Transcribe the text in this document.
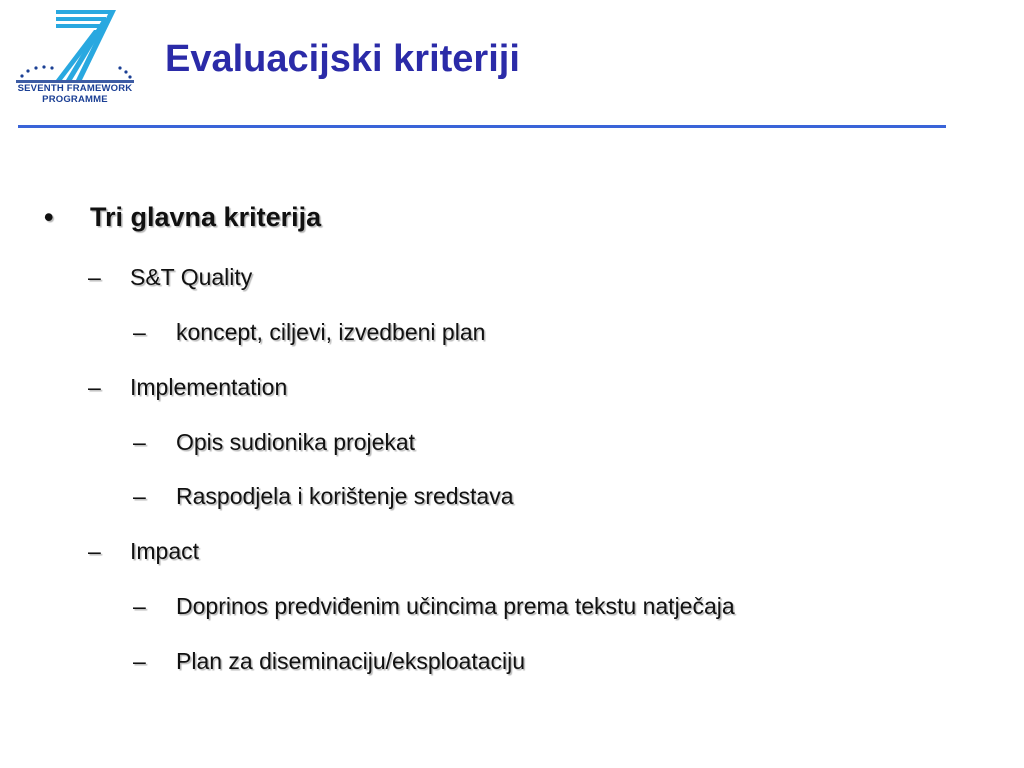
SEVENTH FRAMEWORK
PROGRAMME
Evaluacijski kriteriji
• Tri glavna kriterija
– S&T Quality
– koncept, ciljevi, izvedbeni plan
– Implementation
– Opis sudionika projekat
– Raspodjela i korištenje sredstava
– Impact
– Doprinos predviđenim učincima prema tekstu natječaja
– Plan za diseminaciju/eksploataciju
